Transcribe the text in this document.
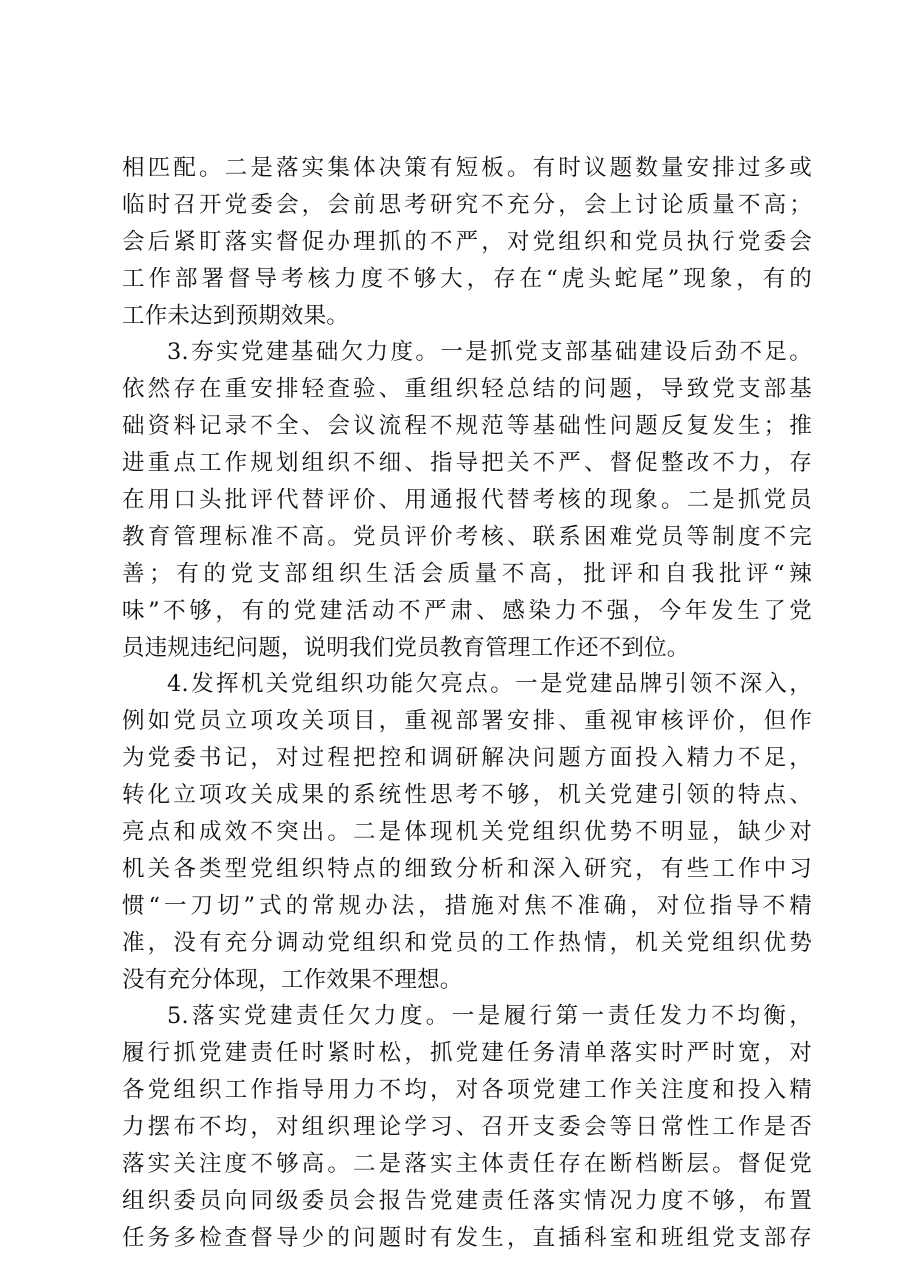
相匹配。二是落实集体决策有短板。有时议题数量安排过多或
临时召开党委会，会前思考研究不充分，会上讨论质量不高；
会后紧盯落实督促办理抓的不严，对党组织和党员执行党委会
工作部署督导考核力度不够大，存在“虎头蛇尾”现象，有的
工作未达到预期效果。
3.夯实党建基础欠力度。一是抓党支部基础建设后劲不足。
依然存在重安排轻查验、重组织轻总结的问题，导致党支部基
础资料记录不全、会议流程不规范等基础性问题反复发生；推
进重点工作规划组织不细、指导把关不严、督促整改不力，存
在用口头批评代替评价、用通报代替考核的现象。二是抓党员
教育管理标准不高。党员评价考核、联系困难党员等制度不完
善；有的党支部组织生活会质量不高，批评和自我批评“辣
味”不够，有的党建活动不严肃、感染力不强，今年发生了党
员违规违纪问题，说明我们党员教育管理工作还不到位。
4.发挥机关党组织功能欠亮点。一是党建品牌引领不深入，
例如党员立项攻关项目，重视部署安排、重视审核评价，但作
为党委书记，对过程把控和调研解决问题方面投入精力不足，
转化立项攻关成果的系统性思考不够，机关党建引领的特点、
亮点和成效不突出。二是体现机关党组织优势不明显，缺少对
机关各类型党组织特点的细致分析和深入研究，有些工作中习
惯“一刀切”式的常规办法，措施对焦不准确，对位指导不精
准，没有充分调动党组织和党员的工作热情，机关党组织优势
没有充分体现，工作效果不理想。
5.落实党建责任欠力度。一是履行第一责任发力不均衡，
履行抓党建责任时紧时松，抓党建任务清单落实时严时宽，对
各党组织工作指导用力不均，对各项党建工作关注度和投入精
力摆布不均，对组织理论学习、召开支委会等日常性工作是否
落实关注度不够高。二是落实主体责任存在断档断层。督促党
组织委员向同级委员会报告党建责任落实情况力度不够，布置
任务多检查督导少的问题时有发生，直插科室和班组党支部存
